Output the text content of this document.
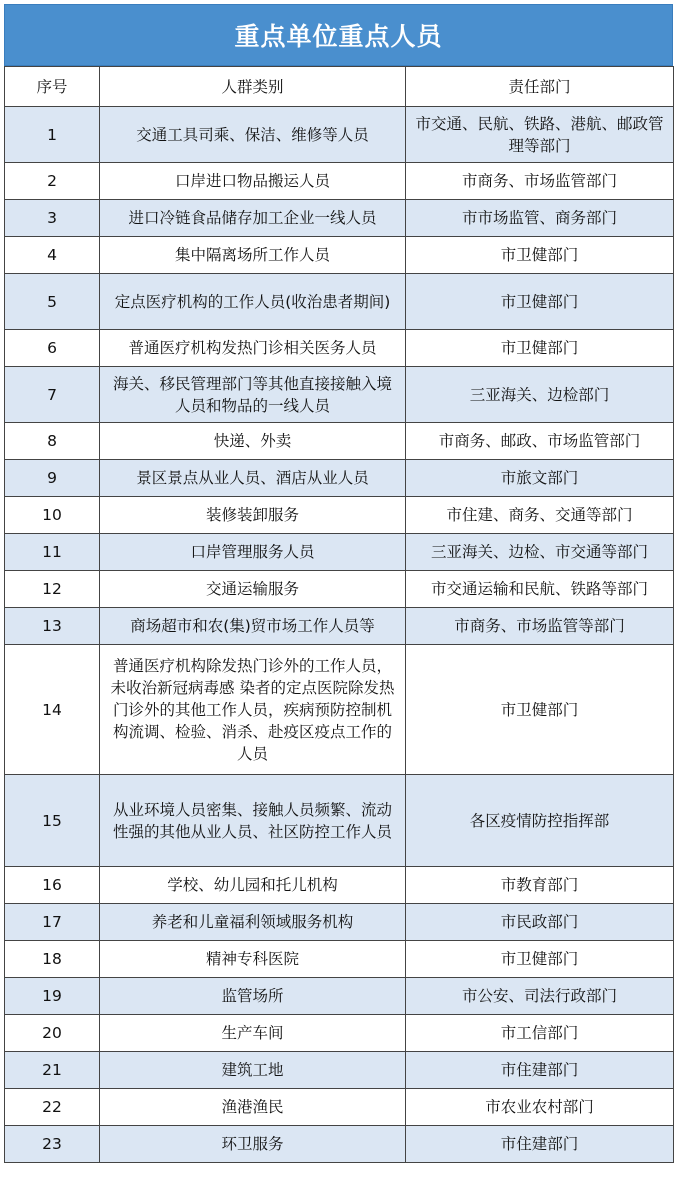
重点单位重点人员
序号	人群类别	责任部门
1	交通工具司乘、保洁、维修等人员	市交通、民航、铁路、港航、邮政管理等部门
2	口岸进口物品搬运人员	市商务、市场监管部门
3	进口冷链食品储存加工企业一线人员	市市场监管、商务部门
4	集中隔离场所工作人员	市卫健部门
5	定点医疗机构的工作人员(收治患者期间)	市卫健部门
6	普通医疗机构发热门诊相关医务人员	市卫健部门
7	海关、移民管理部门等其他直接接触入境人员和物品的一线人员	三亚海关、边检部门
8	快递、外卖	市商务、邮政、市场监管部门
9	景区景点从业人员、酒店从业人员	市旅文部门
10	装修装卸服务	市住建、商务、交通等部门
11	口岸管理服务人员	三亚海关、边检、市交通等部门
12	交通运输服务	市交通运输和民航、铁路等部门
13	商场超市和农(集)贸市场工作人员等	市商务、市场监管等部门
14	普通医疗机构除发热门诊外的工作人员，未收治新冠病毒感 染者的定点医院除发热门诊外的其他工作人员，疾病预防控制机构流调、检验、消杀、赴疫区疫点工作的人员	市卫健部门
15	从业环境人员密集、接触人员频繁、流动性强的其他从业人员、社区防控工作人员	各区疫情防控指挥部
16	学校、幼儿园和托儿机构	市教育部门
17	养老和儿童福利领域服务机构	市民政部门
18	精神专科医院	市卫健部门
19	监管场所	市公安、司法行政部门
20	生产车间	市工信部门
21	建筑工地	市住建部门
22	渔港渔民	市农业农村部门
23	环卫服务	市住建部门
